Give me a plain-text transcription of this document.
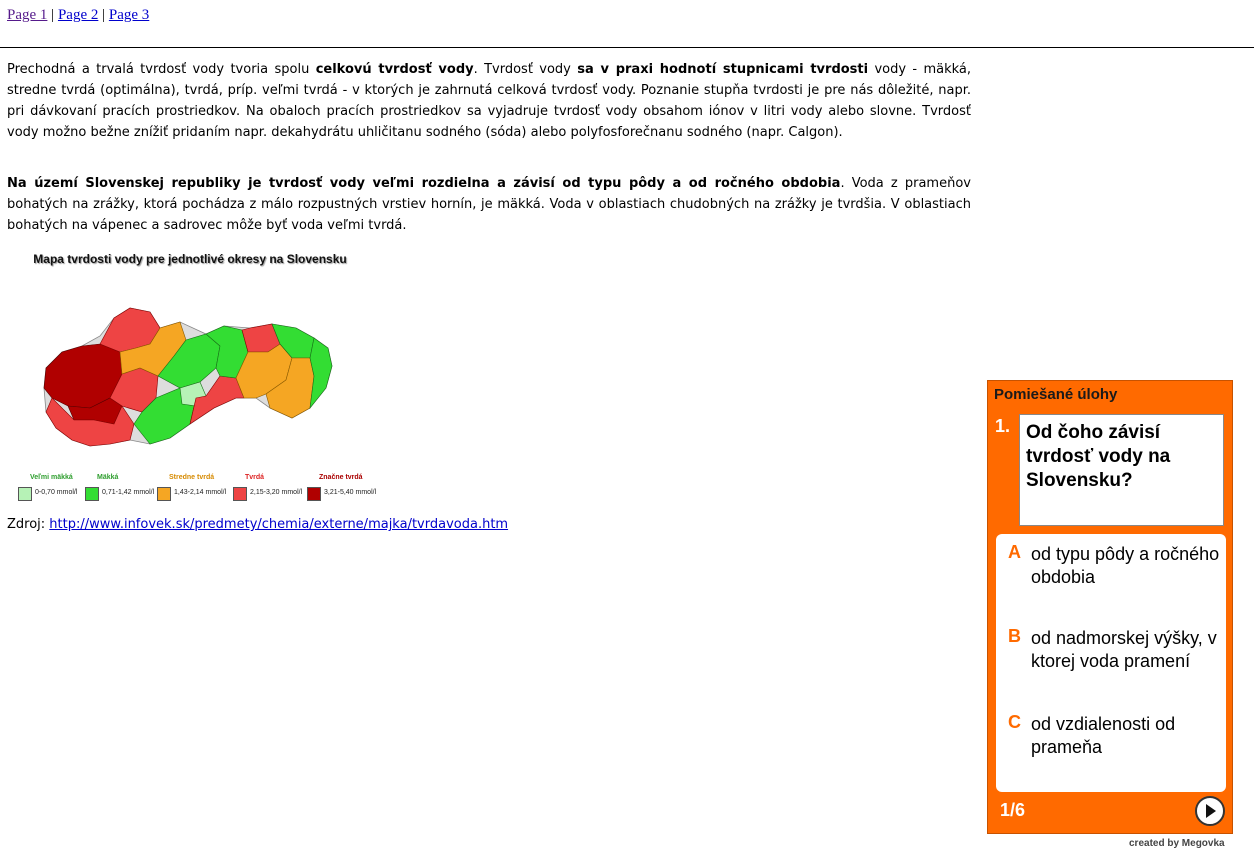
Page 1 | Page 2 | Page 3
Prechodná a trvalá tvrdosť vody tvoria spolu celkovú tvrdosť vody. Tvrdosť vody sa v praxi hodnotí stupnicami tvrdosti vody - mäkká, stredne tvrdá (optimálna), tvrdá, príp. veľmi tvrdá - v ktorých je zahrnutá celková tvrdosť vody. Poznanie stupňa tvrdosti je pre nás dôležité, napr. pri dávkovaní pracích prostriedkov. Na obaloch pracích prostriedkov sa vyjadruje tvrdosť vody obsahom iónov v litri vody alebo slovne. Tvrdosť vody možno bežne znížiť pridaním napr. dekahydrátu uhličitanu sodného (sóda) alebo polyfosforečnanu sodného (napr. Calgon).
Na území Slovenskej republiky je tvrdosť vody veľmi rozdielna a závisí od typu pôdy a od ročného obdobia. Voda z prameňov bohatých na zrážky, ktorá pochádza z málo rozpustných vrstiev hornín, je mäkká. Voda v oblastiach chudobných na zrážky je tvrdšia. V oblastiach bohatých na vápenec a sadrovec môže byť voda veľmi tvrdá.
Mapa tvrdosti vody pre jednotlivé okresy na Slovensku
Veľmi mäkká
0-0,70 mmol/l
Mäkká
0,71-1,42 mmol/l
Stredne tvrdá
1,43-2,14 mmol/l
Tvrdá
2,15-3,20 mmol/l
Značne tvrdá
3,21-5,40 mmol/l
Zdroj: http://www.infovek.sk/predmety/chemia/externe/majka/tvrdavoda.htm
Pomiešané úlohy
1. Od čoho závisí tvrdosť vody na Slovensku?
A od typu pôdy a ročného obdobia
B od nadmorskej výšky, v ktorej voda pramení
C od vzdialenosti od prameňa
1/6
created by Megovka
